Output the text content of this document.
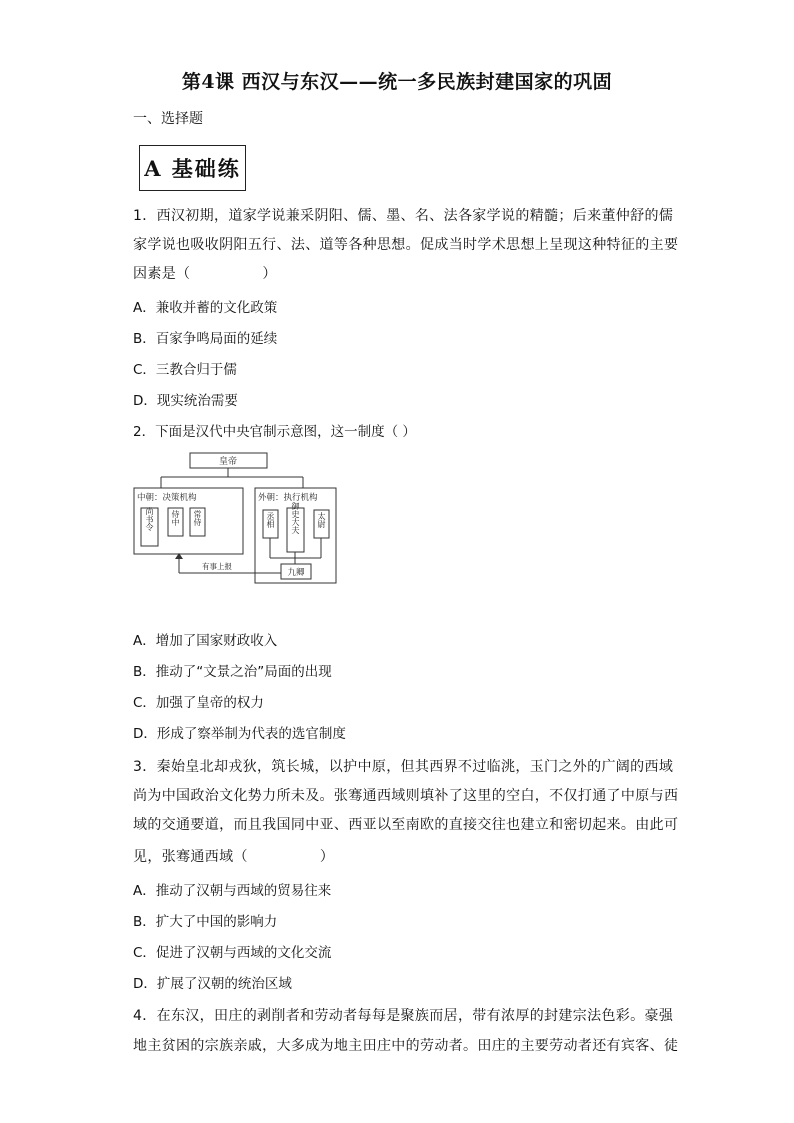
第4课 西汉与东汉——统一多民族封建国家的巩固
一、选择题
A 基础练
1．西汉初期，道家学说兼采阴阳、儒、墨、名、法各家学说的精髓；后来董仲舒的儒
家学说也吸收阴阳五行、法、道等各种思想。促成当时学术思想上呈现这种特征的主要
因素是（	）
A．兼收并蓄的文化政策
B．百家争鸣局面的延续
C．三教合归于儒
D．现实统治需要
2．下面是汉代中央官制示意图，这一制度（ ）
皇帝
中朝：决策机构	外朝：执行机构
尚书令 侍中 常侍	丞相 御史大夫 太尉
九卿
有事上报
A．增加了国家财政收入
B．推动了“文景之治”局面的出现
C．加强了皇帝的权力
D．形成了察举制为代表的选官制度
3．秦始皇北却戎狄，筑长城，以护中原，但其西界不过临洮，玉门之外的广阔的西域
尚为中国政治文化势力所未及。张骞通西域则填补了这里的空白，不仅打通了中原与西
域的交通要道，而且我国同中亚、西亚以至南欧的直接交往也建立和密切起来。由此可
见，张骞通西域（	）
A．推动了汉朝与西域的贸易往来
B．扩大了中国的影响力
C．促进了汉朝与西域的文化交流
D．扩展了汉朝的统治区域
4．在东汉，田庄的剥削者和劳动者每每是聚族而居，带有浓厚的封建宗法色彩。豪强
地主贫困的宗族亲戚，大多成为地主田庄中的劳动者。田庄的主要劳动者还有宾客、徒
